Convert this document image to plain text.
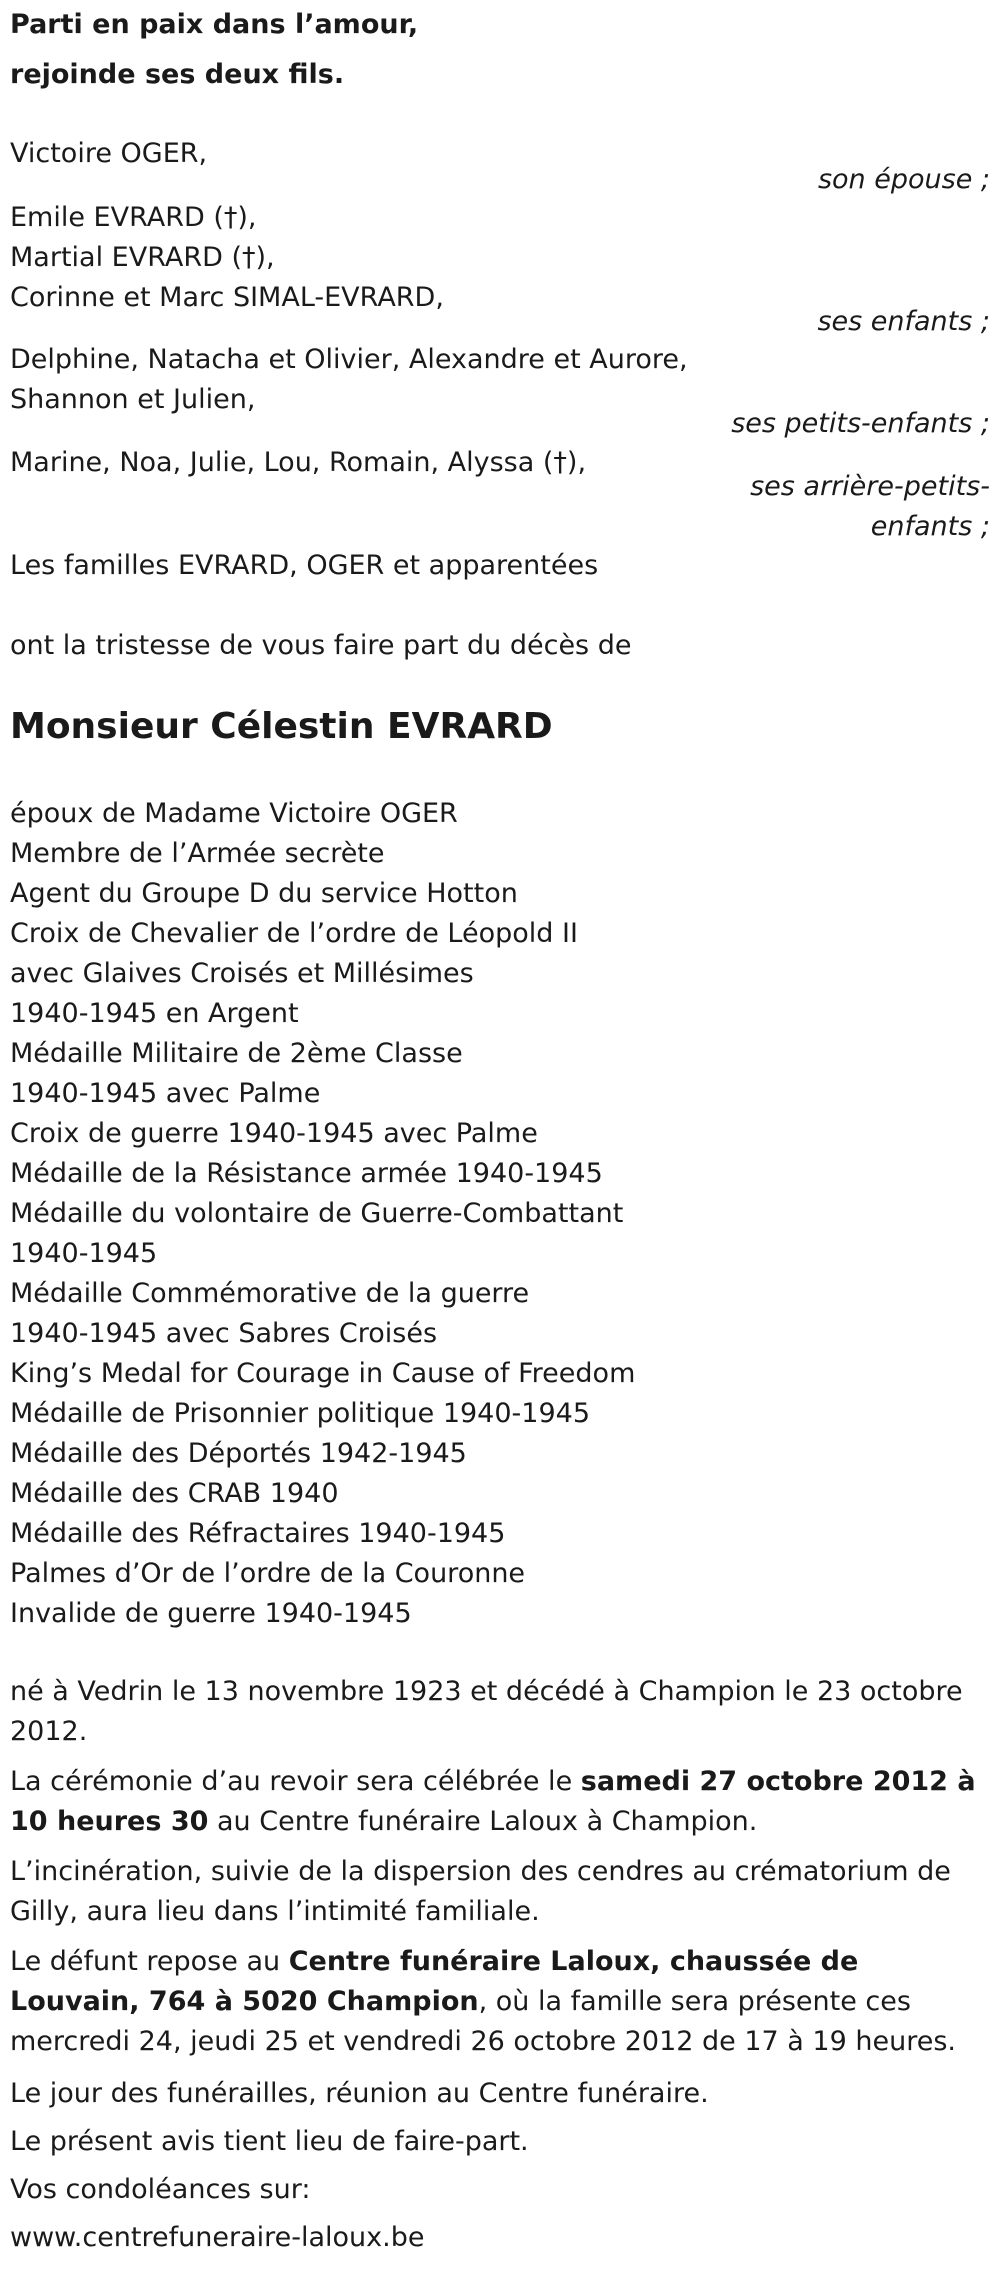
Parti en paix dans l’amour,
rejoinde ses deux fils.
Victoire OGER,
son épouse ;
Emile EVRARD (†),
Martial EVRARD (†),
Corinne et Marc SIMAL-EVRARD,
ses enfants ;
Delphine, Natacha et Olivier, Alexandre et Aurore,
Shannon et Julien,
ses petits-enfants ;
Marine, Noa, Julie, Lou, Romain, Alyssa (†),
ses arrière-petits-
enfants ;
Les familles EVRARD, OGER et apparentées
ont la tristesse de vous faire part du décès de
Monsieur Célestin EVRARD
époux de Madame Victoire OGER
Membre de l’Armée secrète
Agent du Groupe D du service Hotton
Croix de Chevalier de l’ordre de Léopold II
avec Glaives Croisés et Millésimes
1940-1945 en Argent
Médaille Militaire de 2ème Classe
1940-1945 avec Palme
Croix de guerre 1940-1945 avec Palme
Médaille de la Résistance armée 1940-1945
Médaille du volontaire de Guerre-Combattant
1940-1945
Médaille Commémorative de la guerre
1940-1945 avec Sabres Croisés
King’s Medal for Courage in Cause of Freedom
Médaille de Prisonnier politique 1940-1945
Médaille des Déportés 1942-1945
Médaille des CRAB 1940
Médaille des Réfractaires 1940-1945
Palmes d’Or de l’ordre de la Couronne
Invalide de guerre 1940-1945
né à Vedrin le 13 novembre 1923 et décédé à Champion le 23 octobre 2012.
La cérémonie d’au revoir sera célébrée le samedi 27 octobre 2012 à 10 heures 30 au Centre funéraire Laloux à Champion.
L’incinération, suivie de la dispersion des cendres au crématorium de Gilly, aura lieu dans l’intimité familiale.
Le défunt repose au Centre funéraire Laloux, chaussée de Louvain, 764 à 5020 Champion, où la famille sera présente ces mercredi 24, jeudi 25 et vendredi 26 octobre 2012 de 17 à 19 heures.
Le jour des funérailles, réunion au Centre funéraire.
Le présent avis tient lieu de faire-part.
Vos condoléances sur:
www.centrefuneraire-laloux.be
